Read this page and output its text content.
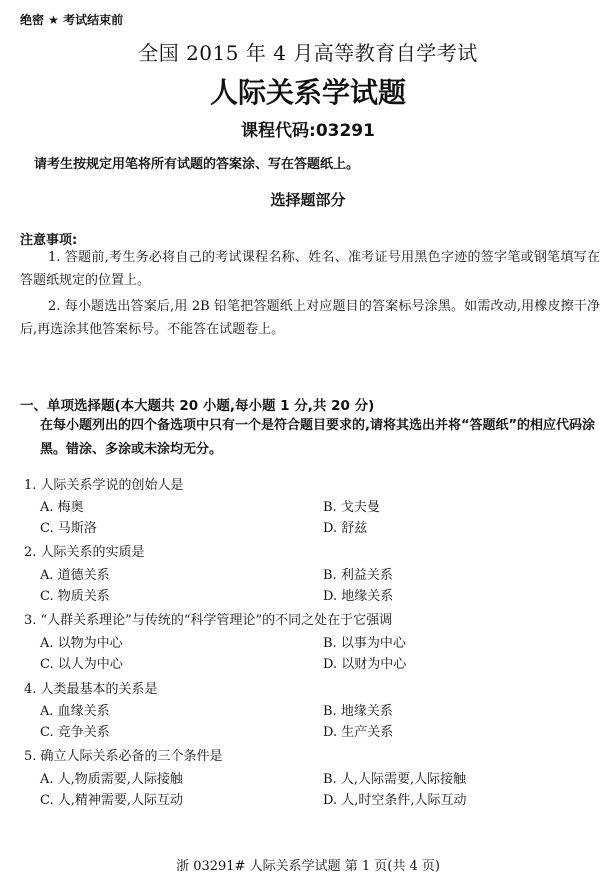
绝密 ★ 考试结束前
全国 2015 年 4 月高等教育自学考试
人际关系学试题
课程代码:03291
请考生按规定用笔将所有试题的答案涂、写在答题纸上。
选择题部分
注意事项:
1. 答题前,考生务必将自己的考试课程名称、姓名、准考证号用黑色字迹的签字笔或钢笔填写在答题纸规定的位置上。
2. 每小题选出答案后,用 2B 铅笔把答题纸上对应题目的答案标号涂黑。如需改动,用橡皮擦干净后,再选涂其他答案标号。不能答在试题卷上。
一、单项选择题(本大题共 20 小题,每小题 1 分,共 20 分)
在每小题列出的四个备选项中只有一个是符合题目要求的,请将其选出并将“答题纸”的相应代码涂黑。错涂、多涂或未涂均无分。
1. 人际关系学说的创始人是
A. 梅奥	B. 戈夫曼
C. 马斯洛	D. 舒兹
2. 人际关系的实质是
A. 道德关系	B. 利益关系
C. 物质关系	D. 地缘关系
3. “人群关系理论”与传统的“科学管理论”的不同之处在于它强调
A. 以物为中心	B. 以事为中心
C. 以人为中心	D. 以财为中心
4. 人类最基本的关系是
A. 血缘关系	B. 地缘关系
C. 竞争关系	D. 生产关系
5. 确立人际关系必备的三个条件是
A. 人,物质需要,人际接触	B. 人,人际需要,人际接触
C. 人,精神需要,人际互动	D. 人,时空条件,人际互动
浙 03291# 人际关系学试题 第 1 页(共 4 页)
